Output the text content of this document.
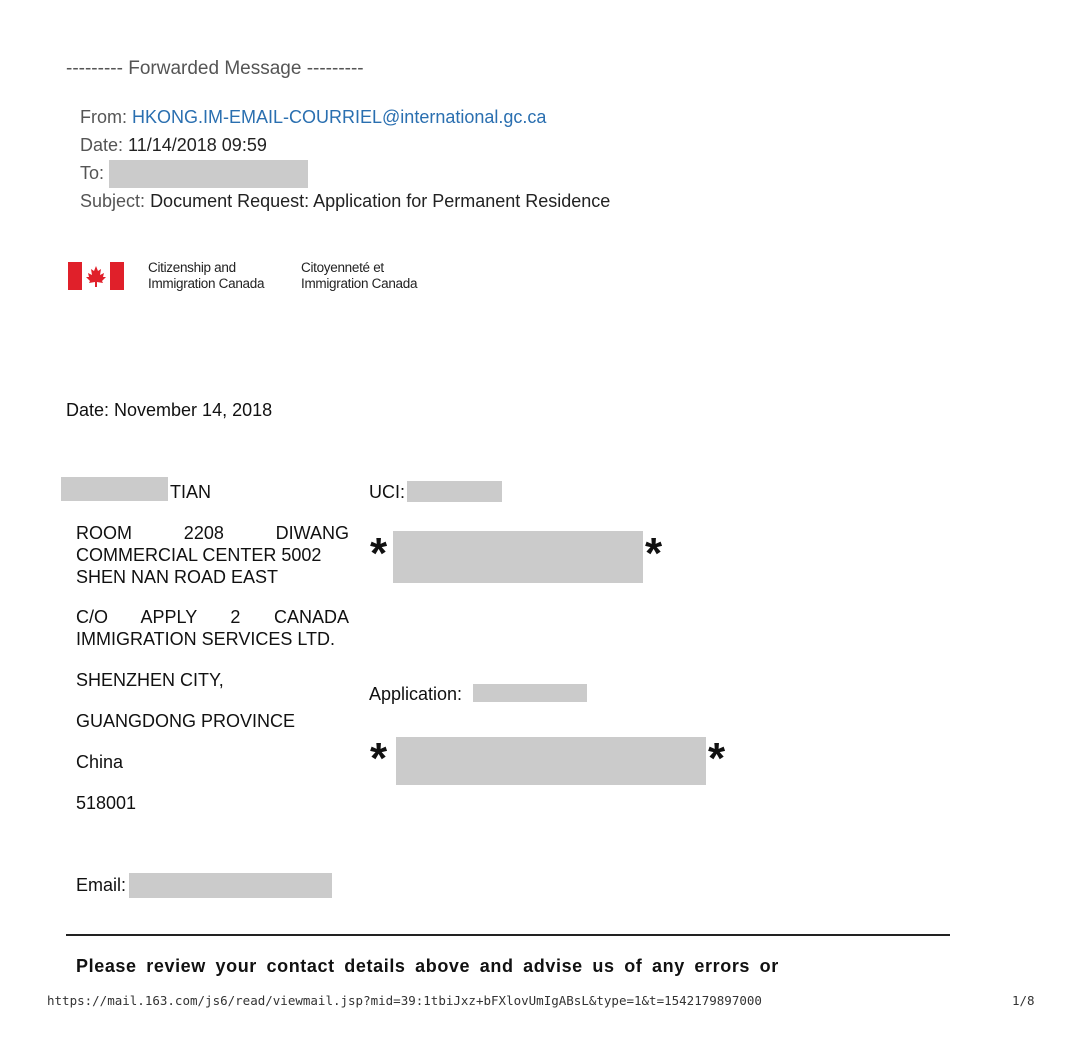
--------- Forwarded Message ---------
From: HKONG.IM-EMAIL-COURRIEL@international.gc.ca
Date: 11/14/2018 09:59
To:
Subject: Document Request: Application for Permanent Residence
Citizenship and
Immigration Canada
Citoyenneté et
Immigration Canada
Date: November 14, 2018
TIAN
ROOM 2208 DIWANG COMMERCIAL CENTER 5002
SHEN NAN ROAD EAST
C/O APPLY 2 CANADA
IMMIGRATION SERVICES LTD.
SHENZHEN CITY,
GUANGDONG PROVINCE
China
518001
Email:
UCI:
*	*
Application:
*	*
Please review your contact details above and advise us of any errors or
https://mail.163.com/js6/read/viewmail.jsp?mid=39:1tbiJxz+bFXlovUmIgABsL&type=1&t=1542179897000	1/8
